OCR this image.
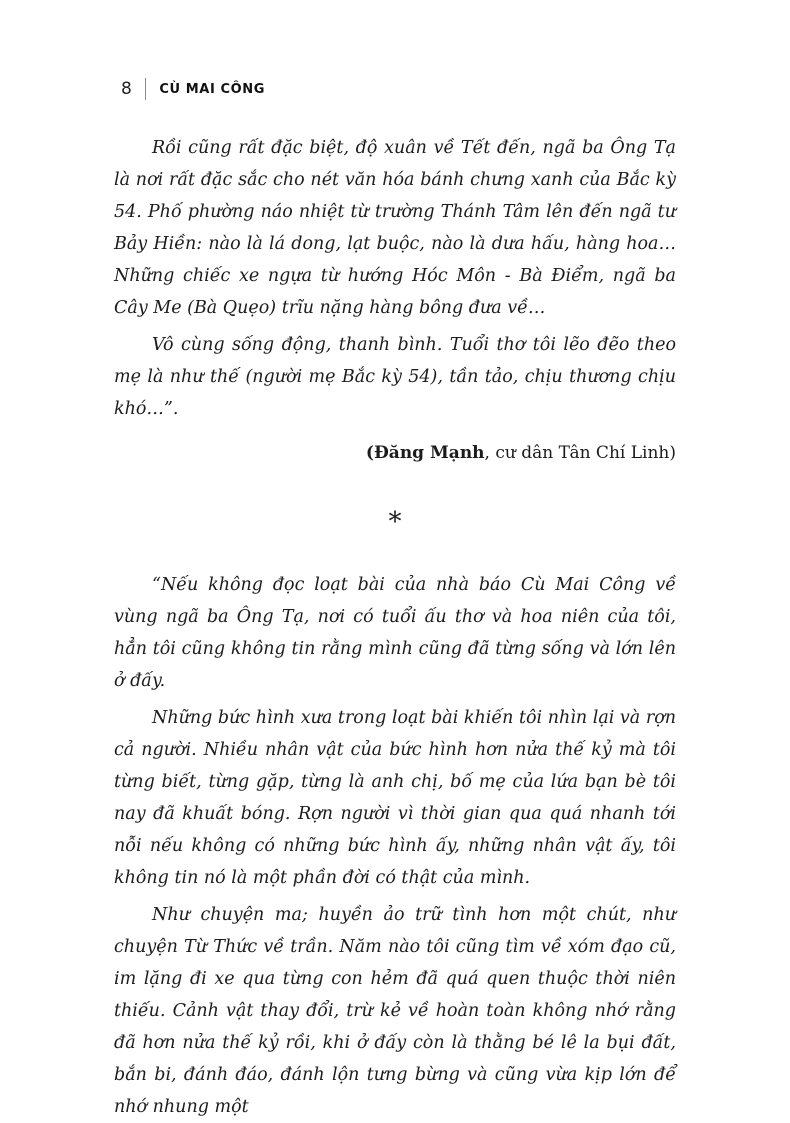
8 CÙ MAI CÔNG

Rồi cũng rất đặc biệt, độ xuân về Tết đến, ngã ba Ông Tạ là nơi rất đặc sắc cho nét văn hóa bánh chưng xanh của Bắc kỳ 54. Phố phường náo nhiệt từ trường Thánh Tâm lên đến ngã tư Bảy Hiền: nào là lá dong, lạt buộc, nào là dưa hấu, hàng hoa… Những chiếc xe ngựa từ hướng Hóc Môn - Bà Điểm, ngã ba Cây Me (Bà Quẹo) trĩu nặng hàng bông đưa về…

Vô cùng sống động, thanh bình. Tuổi thơ tôi lẽo đẽo theo mẹ là như thế (người mẹ Bắc kỳ 54), tần tảo, chịu thương chịu khó…”.

(Đăng Mạnh, cư dân Tân Chí Linh)
*

“Nếu không đọc loạt bài của nhà báo Cù Mai Công về vùng ngã ba Ông Tạ, nơi có tuổi ấu thơ và hoa niên của tôi, hẳn tôi cũng không tin rằng mình cũng đã từng sống và lớn lên ở đấy.

Những bức hình xưa trong loạt bài khiến tôi nhìn lại và rợn cả người. Nhiều nhân vật của bức hình hơn nửa thế kỷ mà tôi từng biết, từng gặp, từng là anh chị, bố mẹ của lứa bạn bè tôi nay đã khuất bóng. Rợn người vì thời gian qua quá nhanh tới nỗi nếu không có những bức hình ấy, những nhân vật ấy, tôi không tin nó là một phần đời có thật của mình.

Như chuyện ma; huyền ảo trữ tình hơn một chút, như chuyện Từ Thức về trần. Năm nào tôi cũng tìm về xóm đạo cũ, im lặng đi xe qua từng con hẻm đã quá quen thuộc thời niên thiếu. Cảnh vật thay đổi, trừ kẻ về hoàn toàn không nhớ rằng đã hơn nửa thế kỷ rồi, khi ở đấy còn là thằng bé lê la bụi đất, bắn bi, đánh đáo, đánh lộn tưng bừng và cũng vừa kịp lớn để nhớ nhung một
